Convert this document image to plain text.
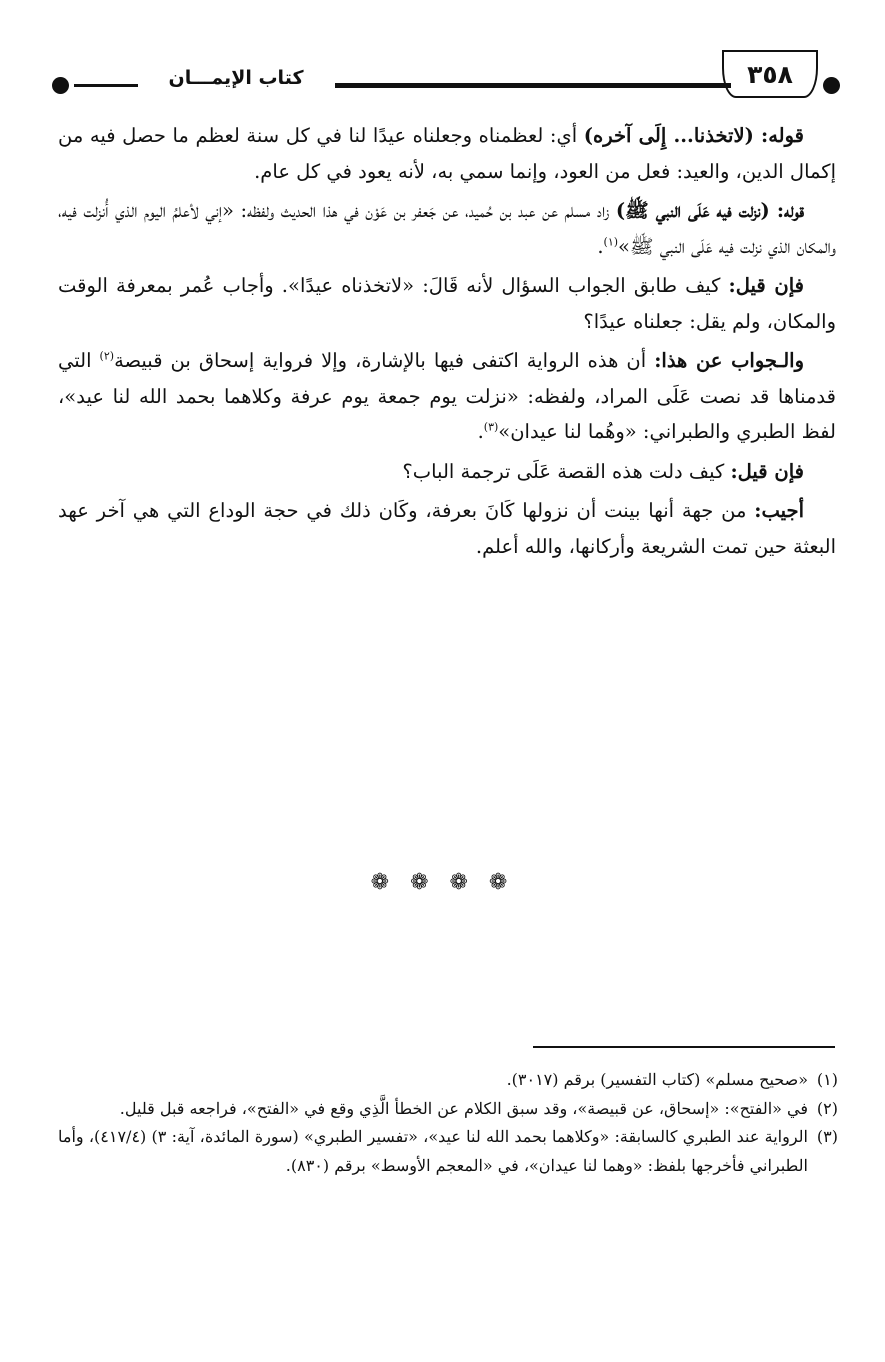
٣٥٨
كتاب الإيمـــان

قوله: (لاتخذنا... إِلَى آخره) أي: لعظمناه وجعلناه عيدًا لنا في كل سنة لعظم ما حصل فيه من إكمال الدين، والعيد: فعل من العود، وإنما سمي به، لأنه يعود في كل عام.

قوله: (نزلت فيه عَلَى النبي ﷺ) زاد مسلم عن عبد بن حُميد، عن جَعفر بن عَوْن في هذا الحديث ولفظه: «إني لأعلمُ اليوم الذي أُنزلت فيه، والمكان الذي نزلت فيه عَلَى النبي ﷺ»$^{(١)}$.

فإن قيل: كيف طابق الجواب السؤال لأنه قَالَ: «لاتخذناه عيدًا». وأجاب عُمر بمعرفة الوقت والمكان، ولم يقل: جعلناه عيدًا؟

والـجواب عن هذا: أن هذه الرواية اكتفى فيها بالإشارة، وإلا فرواية إسحاق بن قبيصة$^{(٢)}$ التي قدمناها قد نصت عَلَى المراد، ولفظه: «نزلت يوم جمعة يوم عرفة وكلاهما بحمد الله لنا عيد»، لفظ الطبري والطبراني: «وهُما لنا عيدان»$^{(٣)}$.

فإن قيل: كيف دلت هذه القصة عَلَى ترجمة الباب؟

أجيب: من جهة أنها بينت أن نزولها كَانَ بعرفة، وكَان ذلك في حجة الوداع التي هي آخر عهد البعثة حين تمت الشريعة وأركانها، والله أعلم.

❁ ❁ ❁ ❁

(١)«صحيح مسلم» (كتاب التفسير) برقم (٣٠١٧).

(٢)في «الفتح»: «إسحاق، عن قبيصة»، وقد سبق الكلام عن الخطأ الَّذِي وقع في «الفتح»، فراجعه قبل قليل.

(٣)الرواية عند الطبري كالسابقة: «وكلاهما بحمد الله لنا عيد»، «تفسير الطبري» (سورة المائدة، آية: ٣) (٤١٧/٤)، وأما الطبراني فأخرجها بلفظ: «وهما لنا عيدان»، في «المعجم الأوسط» برقم (٨٣٠).
